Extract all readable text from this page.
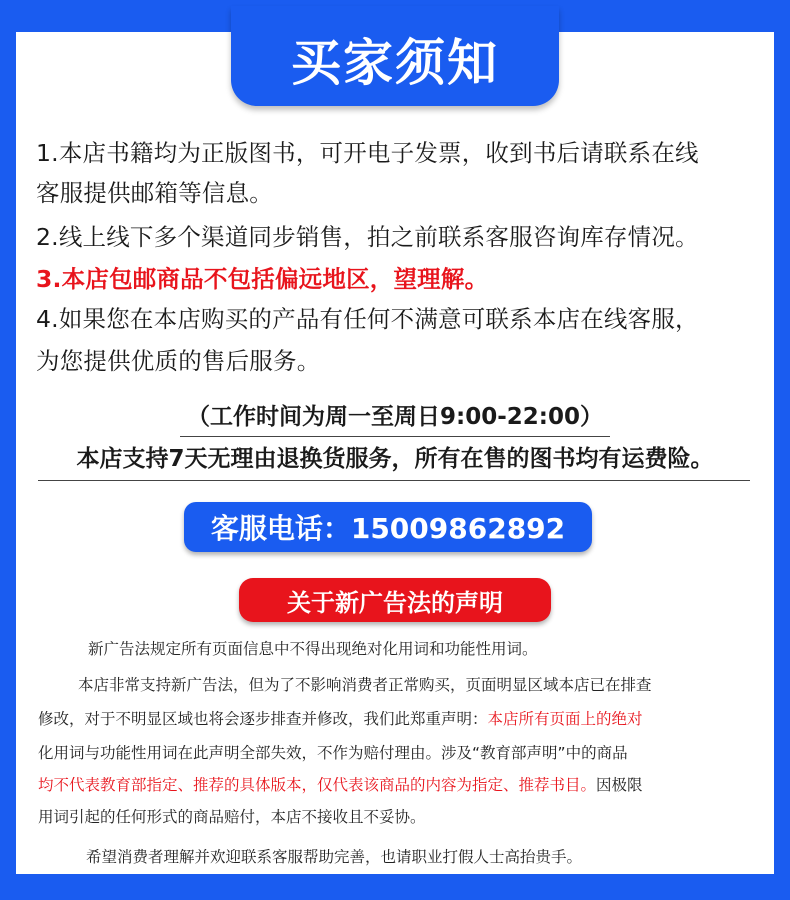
买家须知
1.本店书籍均为正版图书，可开电子发票，收到书后请联系在线
客服提供邮箱等信息。
2.线上线下多个渠道同步销售，拍之前联系客服咨询库存情况。
3.本店包邮商品不包括偏远地区，望理解。
4.如果您在本店购买的产品有任何不满意可联系本店在线客服，
为您提供优质的售后服务。
（工作时间为周一至周日9:00-22:00）
本店支持7天无理由退换货服务，所有在售的图书均有运费险。
客服电话：15009862892
关于新广告法的声明
新广告法规定所有页面信息中不得出现绝对化用词和功能性用词。
本店非常支持新广告法，但为了不影响消费者正常购买，页面明显区域本店已在排查
修改，对于不明显区域也将会逐步排查并修改，我们此郑重声明：本店所有页面上的绝对
化用词与功能性用词在此声明全部失效，不作为赔付理由。涉及“教育部声明”中的商品
均不代表教育部指定、推荐的具体版本，仅代表该商品的内容为指定、推荐书目。因极限
用词引起的任何形式的商品赔付，本店不接收且不妥协。
希望消费者理解并欢迎联系客服帮助完善，也请职业打假人士高抬贵手。
